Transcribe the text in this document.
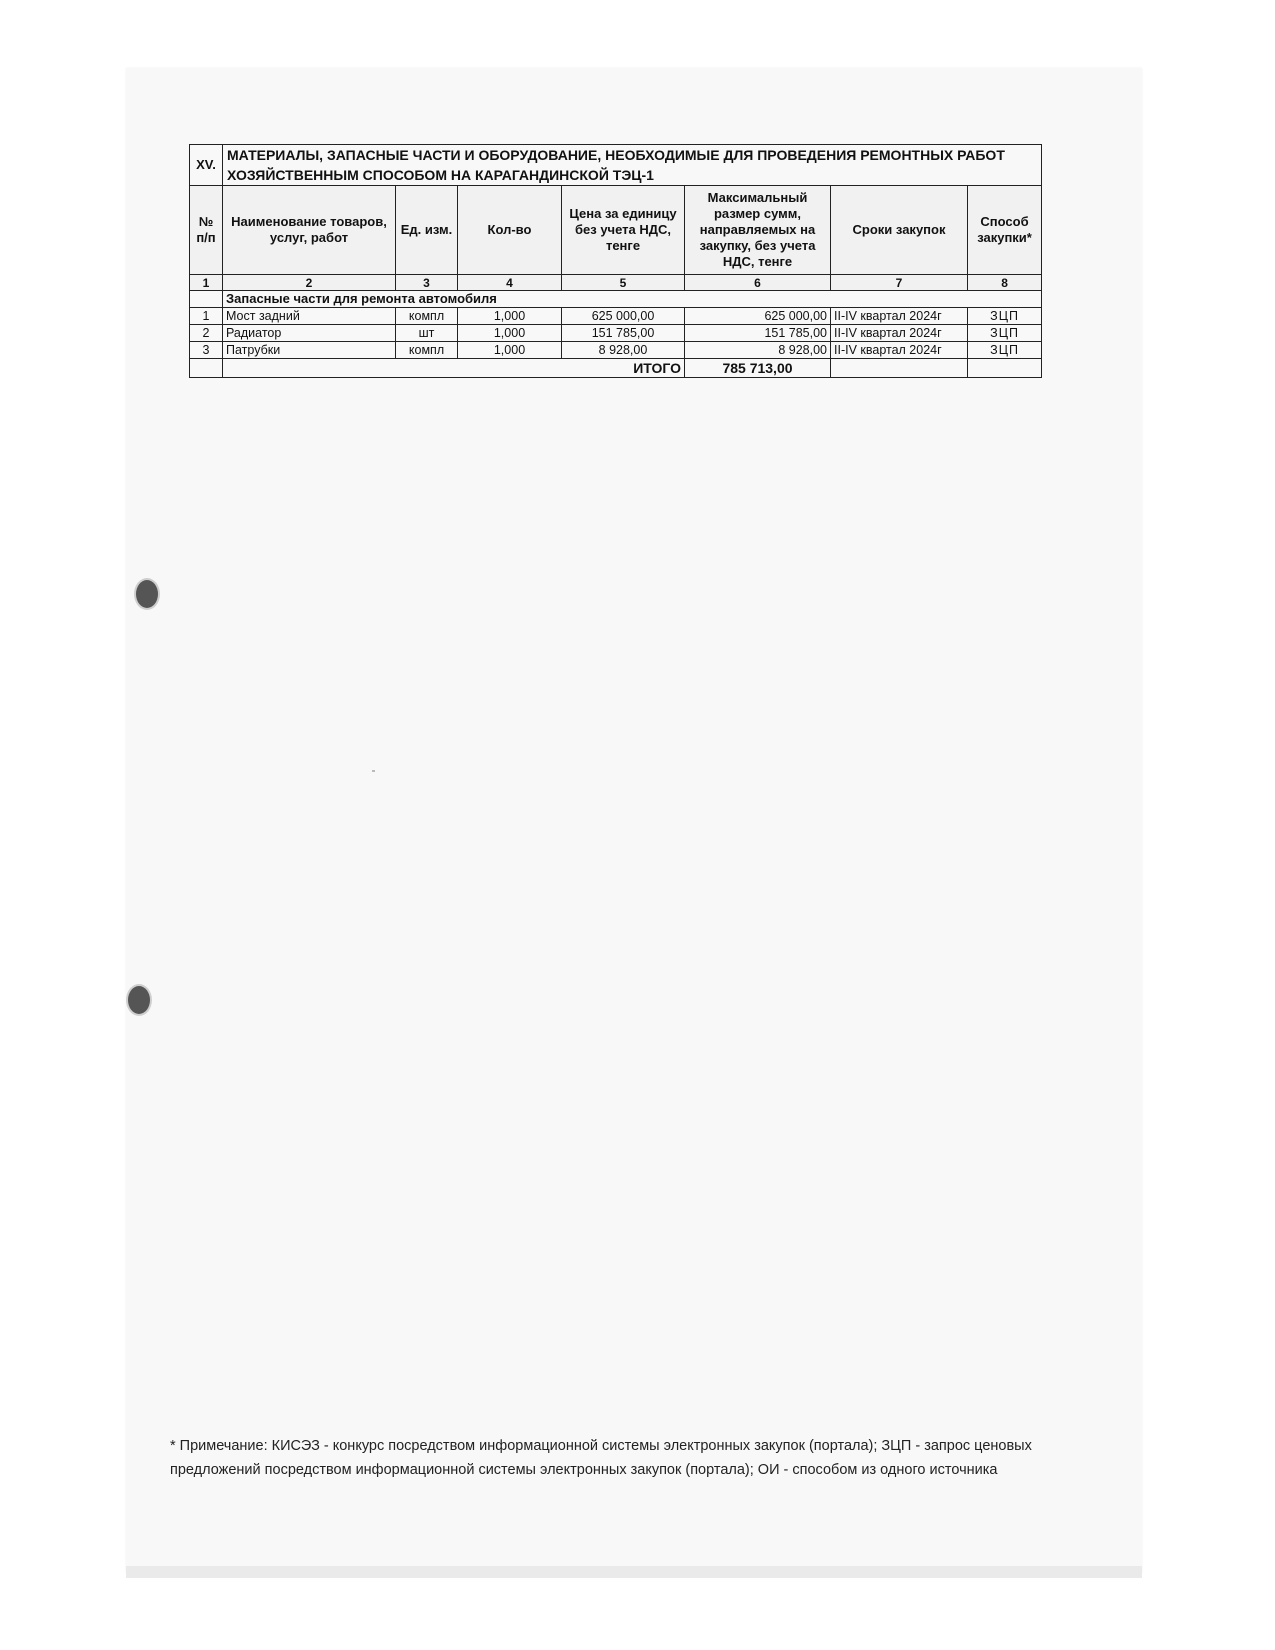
XV.	МАТЕРИАЛЫ, ЗАПАСНЫЕ ЧАСТИ И ОБОРУДОВАНИЕ, НЕОБХОДИМЫЕ ДЛЯ ПРОВЕДЕНИЯ РЕМОНТНЫХ РАБОТ ХОЗЯЙСТВЕННЫМ СПОСОБОМ НА КАРАГАНДИНСКОЙ ТЭЦ-1						
№ п/п	Наименование товаров, услуг, работ	Ед. изм.	Кол-во	Цена за единицу без учета НДС, тенге	Максимальный размер сумм, направляемых на закупку, без учета НДС, тенге	Сроки закупок	Способ закупки*
1	2	3	4	5	6	7	8
	Запасные части для ремонта автомобиля						
1	Мост задний	компл	1,000	625 000,00	625 000,00	II-IV квартал 2024г	ЗЦП
2	Радиатор	шт	1,000	151 785,00	151 785,00	II-IV квартал 2024г	ЗЦП
3	Патрубки	компл	1,000	8 928,00	8 928,00	II-IV квартал 2024г	ЗЦП
	ИТОГО				785 713,00		
* Примечание: КИСЭЗ - конкурс посредством информационной системы электронных закупок (портала); ЗЦП - запрос ценовых предложений посредством информационной системы электронных закупок (портала); ОИ - способом из одного источника
